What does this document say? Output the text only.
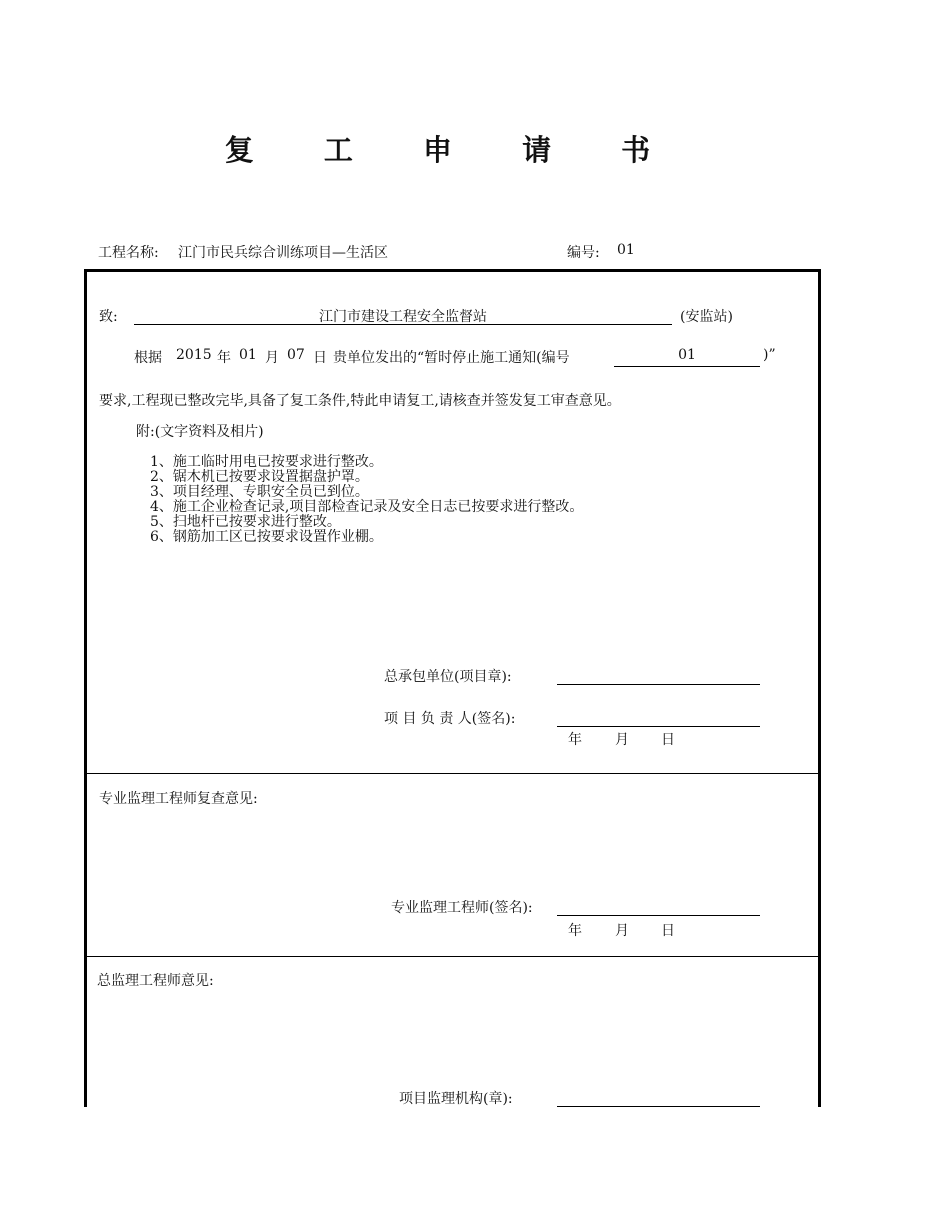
复 工 申 请 书
工程名称: 江门市民兵综合训练项目—生活区	编号: 01
致:	江门市建设工程安全监督站	(安监站)
根据 2015 年 01 月 07 日 贵单位发出的“暂时停止施工通知(编号	01	)”
要求,工程现已整改完毕,具备了复工条件,特此申请复工,请核查并签发复工审查意见。
附:(文字资料及相片)
1、施工临时用电已按要求进行整改。
2、锯木机已按要求设置据盘护罩。
3、项目经理、专职安全员已到位。
4、施工企业检查记录,项目部检查记录及安全日志已按要求进行整改。
5、扫地杆已按要求进行整改。
6、钢筋加工区已按要求设置作业棚。
总承包单位(项目章):
项 目 负 责 人(签名):
年 月 日
专业监理工程师复查意见:
专业监理工程师(签名):
年 月 日
总监理工程师意见:
项目监理机构(章):
